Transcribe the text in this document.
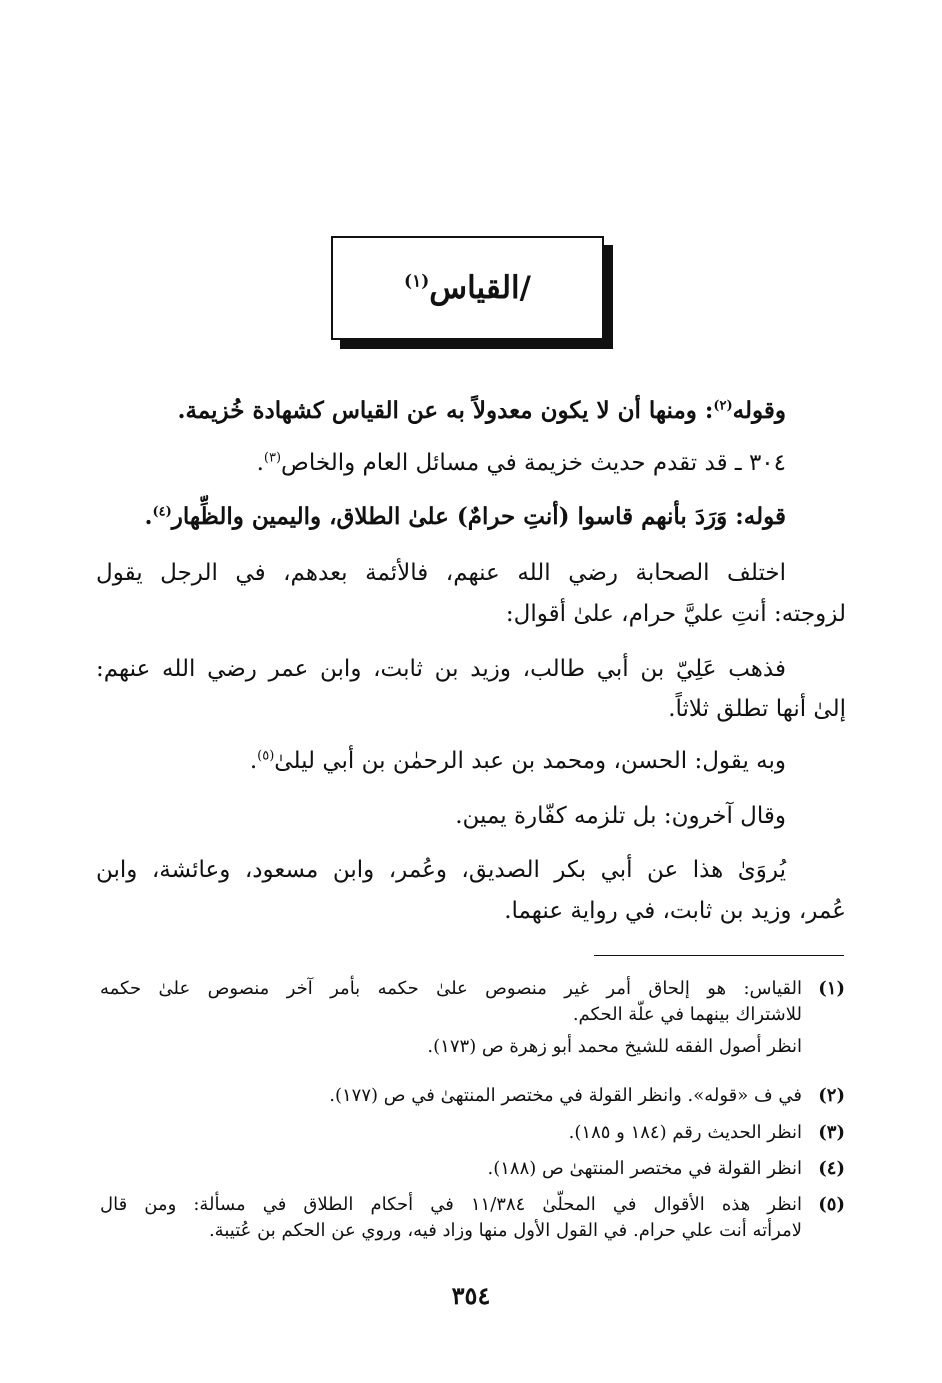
/القياس$^{(١)}$
وقوله$^{(٢)}$: ومنها أن لا يكون معدولاً به عن القياس كشهادة خُزيمة.
٣٠٤ ـ قد تقدم حديث خزيمة في مسائل العام والخاص$^{(٣)}$.
قوله: وَرَدَ بأنهم قاسوا (أنتِ حرامٌ) علىٰ الطلاق، واليمين والظِّهار$^{(٤)}$.
اختلف الصحابة رضي الله عنهم، فالأئمة بعدهم، في الرجل يقول
لزوجته: أنتِ عليَّ حرام، علىٰ أقوال:
فذهب عَلِيّ بن أبي طالب، وزيد بن ثابت، وابن عمر رضي الله عنهم:
إلىٰ أنها تطلق ثلاثاً.
وبه يقول: الحسن، ومحمد بن عبد الرحمٰن بن أبي ليلىٰ$^{(٥)}$.
وقال آخرون: بل تلزمه كفّارة يمين.
يُروَىٰ هذا عن أبي بكر الصديق، وعُمر، وابن مسعود، وعائشة، وابن
عُمر، وزيد بن ثابت، في رواية عنهما.
(١)
القياس: هو إلحاق أمر غير منصوص علىٰ حكمه بأمر آخر منصوص علىٰ حكمه
للاشتراك بينهما في علّة الحكم.
انظر أصول الفقه للشيخ محمد أبو زهرة ص (١٧٣).
(٢)
في ف «قوله». وانظر القولة في مختصر المنتهىٰ في ص (١٧٧).
(٣)
انظر الحديث رقم (١٨٤ و ١٨٥).
(٤)
انظر القولة في مختصر المنتهىٰ ص (١٨٨).
(٥)
انظر هذه الأقوال في المحلّىٰ ١١/٣٨٤ في أحكام الطلاق في مسألة: ومن قال
لامرأته أنت علي حرام. في القول الأول منها وزاد فيه، وروي عن الحكم بن عُتيبة.
٣٥٤
